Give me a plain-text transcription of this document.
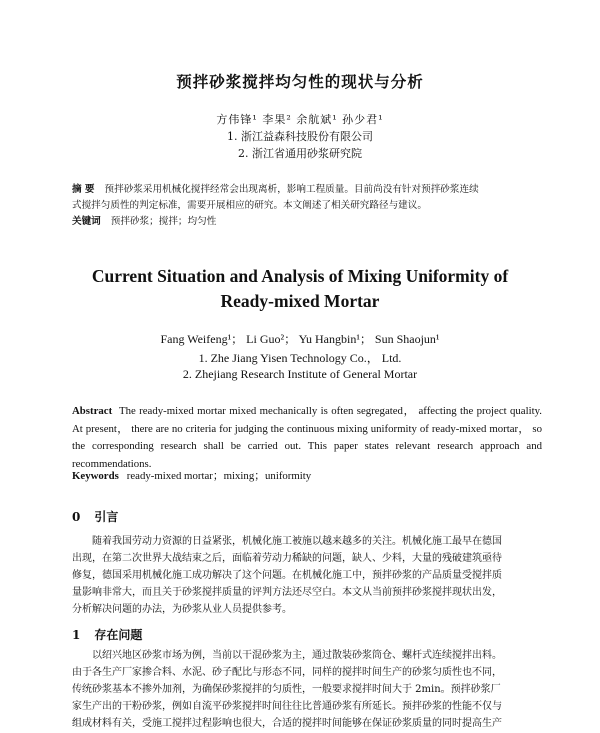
预拌砂浆搅拌均匀性的现状与分析
方伟锋¹ 李果² 余航斌¹ 孙少君¹
1. 浙江益森科技股份有限公司
2. 浙江省通用砂浆研究院
摘 要 预拌砂浆采用机械化搅拌经常会出现离析，影响工程质量。目前尚没有针对预拌砂浆连续
式搅拌匀质性的判定标准，需要开展相应的研究。本文阐述了相关研究路径与建议。
关键词 预拌砂浆；搅拌；均匀性
Current Situation and Analysis of Mixing Uniformity of
Ready-mixed Mortar
Fang Weifeng¹； Li Guo²； Yu Hangbin¹； Sun Shaojun¹
1. Zhe Jiang Yisen Technology Co.， Ltd.
2. Zhejiang Research Institute of General Mortar
Abstract The ready-mixed mortar mixed mechanically is often segregated， affecting the project quality. At present， there are no criteria for judging the continuous mixing uniformity of ready-mixed mortar， so the corresponding research shall be carried out. This paper states relevant research approach and recommendations.
Keywords ready-mixed mortar；mixing；uniformity
0 引言

随着我国劳动力资源的日益紧张，机械化施工被施以越来越多的关注。机械化施工最早在德国

出现，在第二次世界大战结束之后，面临着劳动力稀缺的问题，缺人、少料，大量的残破建筑亟待

修复，德国采用机械化施工成功解决了这个问题。在机械化施工中，预拌砂浆的产品质量受搅拌质

量影响非常大，而且关于砂浆搅拌质量的评判方法还尽空白。本文从当前预拌砂浆搅拌现状出发，

分析解决问题的办法，为砂浆从业人员提供参考。

1 存在问题

以绍兴地区砂浆市场为例，当前以干混砂浆为主，通过散装砂浆筒仓、螺杆式连续搅拌出料。

由于各生产厂家掺合料、水泥、砂子配比与形态不同，同样的搅拌时间生产的砂浆匀质性也不同，

传统砂浆基本不掺外加剂，为确保砂浆搅拌的匀质性，一般要求搅拌时间大于 2min。预拌砂浆厂

家生产出的干粉砂浆，例如自流平砂浆搅拌时间往往比普通砂浆有所延长。预拌砂浆的性能不仅与

组成材料有关，受施工搅拌过程影响也很大，合适的搅拌时间能够在保证砂浆质量的同时提高生产
